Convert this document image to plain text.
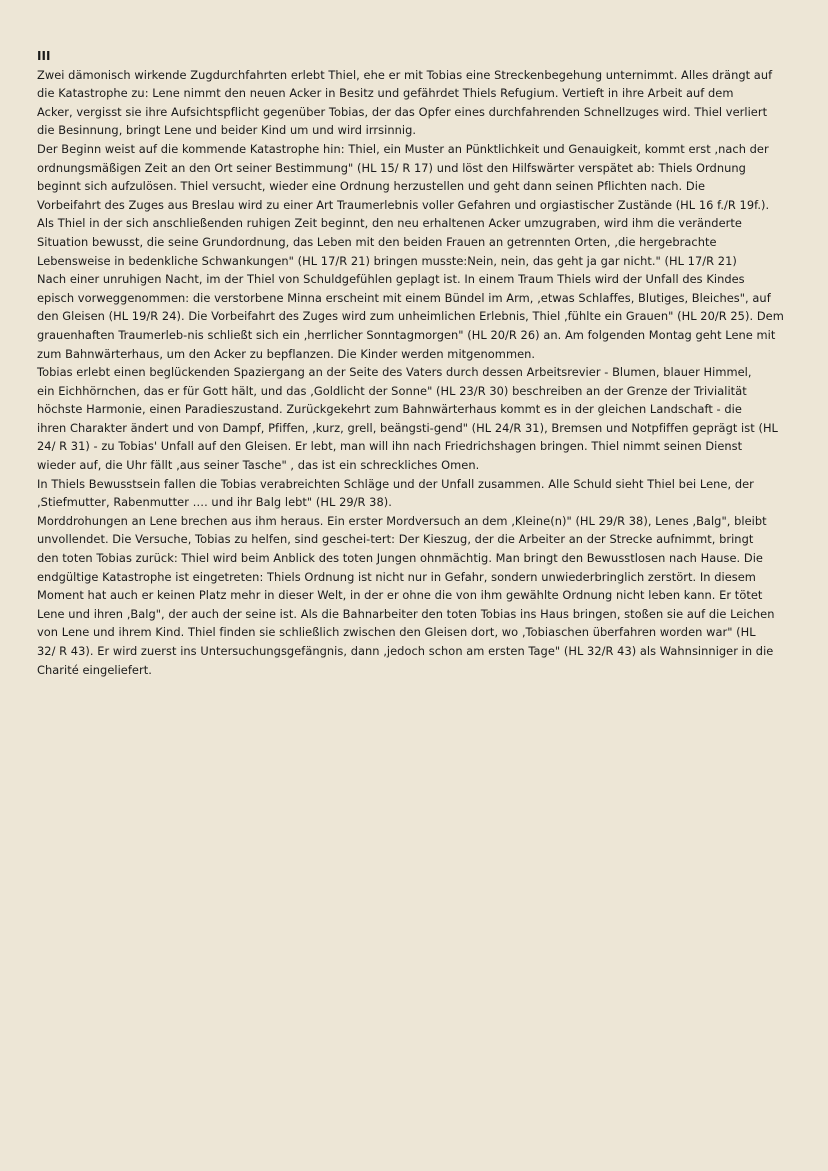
III
Zwei dämonisch wirkende Zugdurchfahrten erlebt Thiel, ehe er mit Tobias eine Streckenbegehung unternimmt. Alles drängt auf
die Katastrophe zu: Lene nimmt den neuen Acker in Besitz und gefährdet Thiels Refugium. Vertieft in ihre Arbeit auf dem
Acker, vergisst sie ihre Aufsichtspflicht gegenüber Tobias, der das Opfer eines durchfahrenden Schnellzuges wird. Thiel verliert
die Besinnung, bringt Lene und beider Kind um und wird irrsinnig.
Der Beginn weist auf die kommende Katastrophe hin: Thiel, ein Muster an Pünktlichkeit und Genauigkeit, kommt erst ‚nach der
ordnungsmäßigen Zeit an den Ort seiner Bestimmung" (HL 15/ R 17) und löst den Hilfswärter verspätet ab: Thiels Ordnung
beginnt sich aufzulösen. Thiel versucht, wieder eine Ordnung herzustellen und geht dann seinen Pflichten nach. Die
Vorbeifahrt des Zuges aus Breslau wird zu einer Art Traumerlebnis voller Gefahren und orgiastischer Zustände (HL 16 f./R 19f.).
Als Thiel in der sich anschließenden ruhigen Zeit beginnt, den neu erhaltenen Acker umzugraben, wird ihm die veränderte
Situation bewusst, die seine Grundordnung, das Leben mit den beiden Frauen an getrennten Orten, ‚die hergebrachte
Lebensweise in bedenkliche Schwankungen" (HL 17/R 21) bringen musste:Nein, nein, das geht ja gar nicht." (HL 17/R 21)
Nach einer unruhigen Nacht, im der Thiel von Schuldgefühlen geplagt ist. In einem Traum Thiels wird der Unfall des Kindes
episch vorweggenommen: die verstorbene Minna erscheint mit einem Bündel im Arm, ‚etwas Schlaffes, Blutiges, Bleiches", auf
den Gleisen (HL 19/R 24). Die Vorbeifahrt des Zuges wird zum unheimlichen Erlebnis, Thiel ‚fühlte ein Grauen" (HL 20/R 25). Dem
grauenhaften Traumerleb-nis schließt sich ein ‚herrlicher Sonntagmorgen" (HL 20/R 26) an. Am folgenden Montag geht Lene mit
zum Bahnwärterhaus, um den Acker zu bepflanzen. Die Kinder werden mitgenommen.
Tobias erlebt einen beglückenden Spaziergang an der Seite des Vaters durch dessen Arbeitsrevier - Blumen, blauer Himmel,
ein Eichhörnchen, das er für Gott hält, und das ‚Goldlicht der Sonne" (HL 23/R 30) beschreiben an der Grenze der Trivialität
höchste Harmonie, einen Paradieszustand. Zurückgekehrt zum Bahnwärterhaus kommt es in der gleichen Landschaft - die
ihren Charakter ändert und von Dampf, Pfiffen, ‚kurz, grell, beängsti-gend" (HL 24/R 31), Bremsen und Notpfiffen geprägt ist (HL
24/ R 31) - zu Tobias' Unfall auf den Gleisen. Er lebt, man will ihn nach Friedrichshagen bringen. Thiel nimmt seinen Dienst
wieder auf, die Uhr fällt ‚aus seiner Tasche" , das ist ein schreckliches Omen.
In Thiels Bewusstsein fallen die Tobias verabreichten Schläge und der Unfall zusammen. Alle Schuld sieht Thiel bei Lene, der
‚Stiefmutter, Rabenmutter …. und ihr Balg lebt" (HL 29/R 38).
Morddrohungen an Lene brechen aus ihm heraus. Ein erster Mordversuch an dem ‚Kleine(n)" (HL 29/R 38), Lenes ‚Balg", bleibt
unvollendet. Die Versuche, Tobias zu helfen, sind geschei-tert: Der Kieszug, der die Arbeiter an der Strecke aufnimmt, bringt
den toten Tobias zurück: Thiel wird beim Anblick des toten Jungen ohnmächtig. Man bringt den Bewusstlosen nach Hause. Die
endgültige Katastrophe ist eingetreten: Thiels Ordnung ist nicht nur in Gefahr, sondern unwiederbringlich zerstört. In diesem
Moment hat auch er keinen Platz mehr in dieser Welt, in der er ohne die von ihm gewählte Ordnung nicht leben kann. Er tötet
Lene und ihren ‚Balg", der auch der seine ist. Als die Bahnarbeiter den toten Tobias ins Haus bringen, stoßen sie auf die Leichen
von Lene und ihrem Kind. Thiel finden sie schließlich zwischen den Gleisen dort, wo ‚Tobiaschen überfahren worden war" (HL
32/ R 43). Er wird zuerst ins Untersuchungsgefängnis, dann ‚jedoch schon am ersten Tage" (HL 32/R 43) als Wahnsinniger in die
Charité eingeliefert.
